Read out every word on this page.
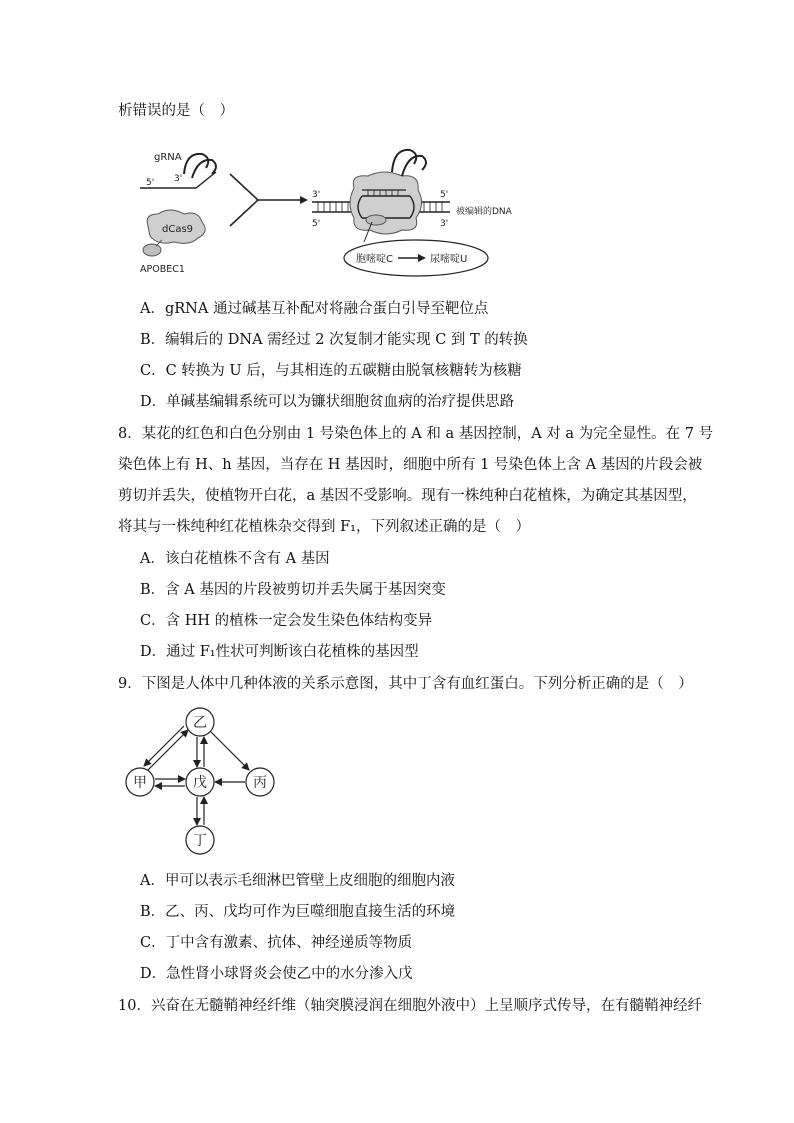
析错误的是（　）
gRNA
3'
5'
dCas9
APOBEC1
3'
5'
5'
3'
被编辑的DNA
胞嘧啶C	尿嘧啶U
A．gRNA 通过碱基互补配对将融合蛋白引导至靶位点
B．编辑后的 DNA 需经过 2 次复制才能实现 C 到 T 的转换
C．C 转换为 U 后，与其相连的五碳糖由脱氧核糖转为核糖
D．单碱基编辑系统可以为镰状细胞贫血病的治疗提供思路
8．某花的红色和白色分别由 1 号染色体上的 A 和 a 基因控制，A 对 a 为完全显性。在 7 号
染色体上有 H、h 基因，当存在 H 基因时，细胞中所有 1 号染色体上含 A 基因的片段会被
剪切并丢失，使植物开白花，a 基因不受影响。现有一株纯种白花植株，为确定其基因型，
将其与一株纯种红花植株杂交得到 F₁，下列叙述正确的是（　）
A．该白花植株不含有 A 基因
B．含 A 基因的片段被剪切并丢失属于基因突变
C．含 HH 的植株一定会发生染色体结构变异
D．通过 F₁性状可判断该白花植株的基因型
9．下图是人体中几种体液的关系示意图，其中丁含有血红蛋白。下列分析正确的是（　）
乙
甲	戊	丙
丁
A．甲可以表示毛细淋巴管壁上皮细胞的细胞内液
B．乙、丙、戊均可作为巨噬细胞直接生活的环境
C．丁中含有激素、抗体、神经递质等物质
D．急性肾小球肾炎会使乙中的水分渗入戊
10．兴奋在无髓鞘神经纤维（轴突膜浸润在细胞外液中）上呈顺序式传导，在有髓鞘神经纤
